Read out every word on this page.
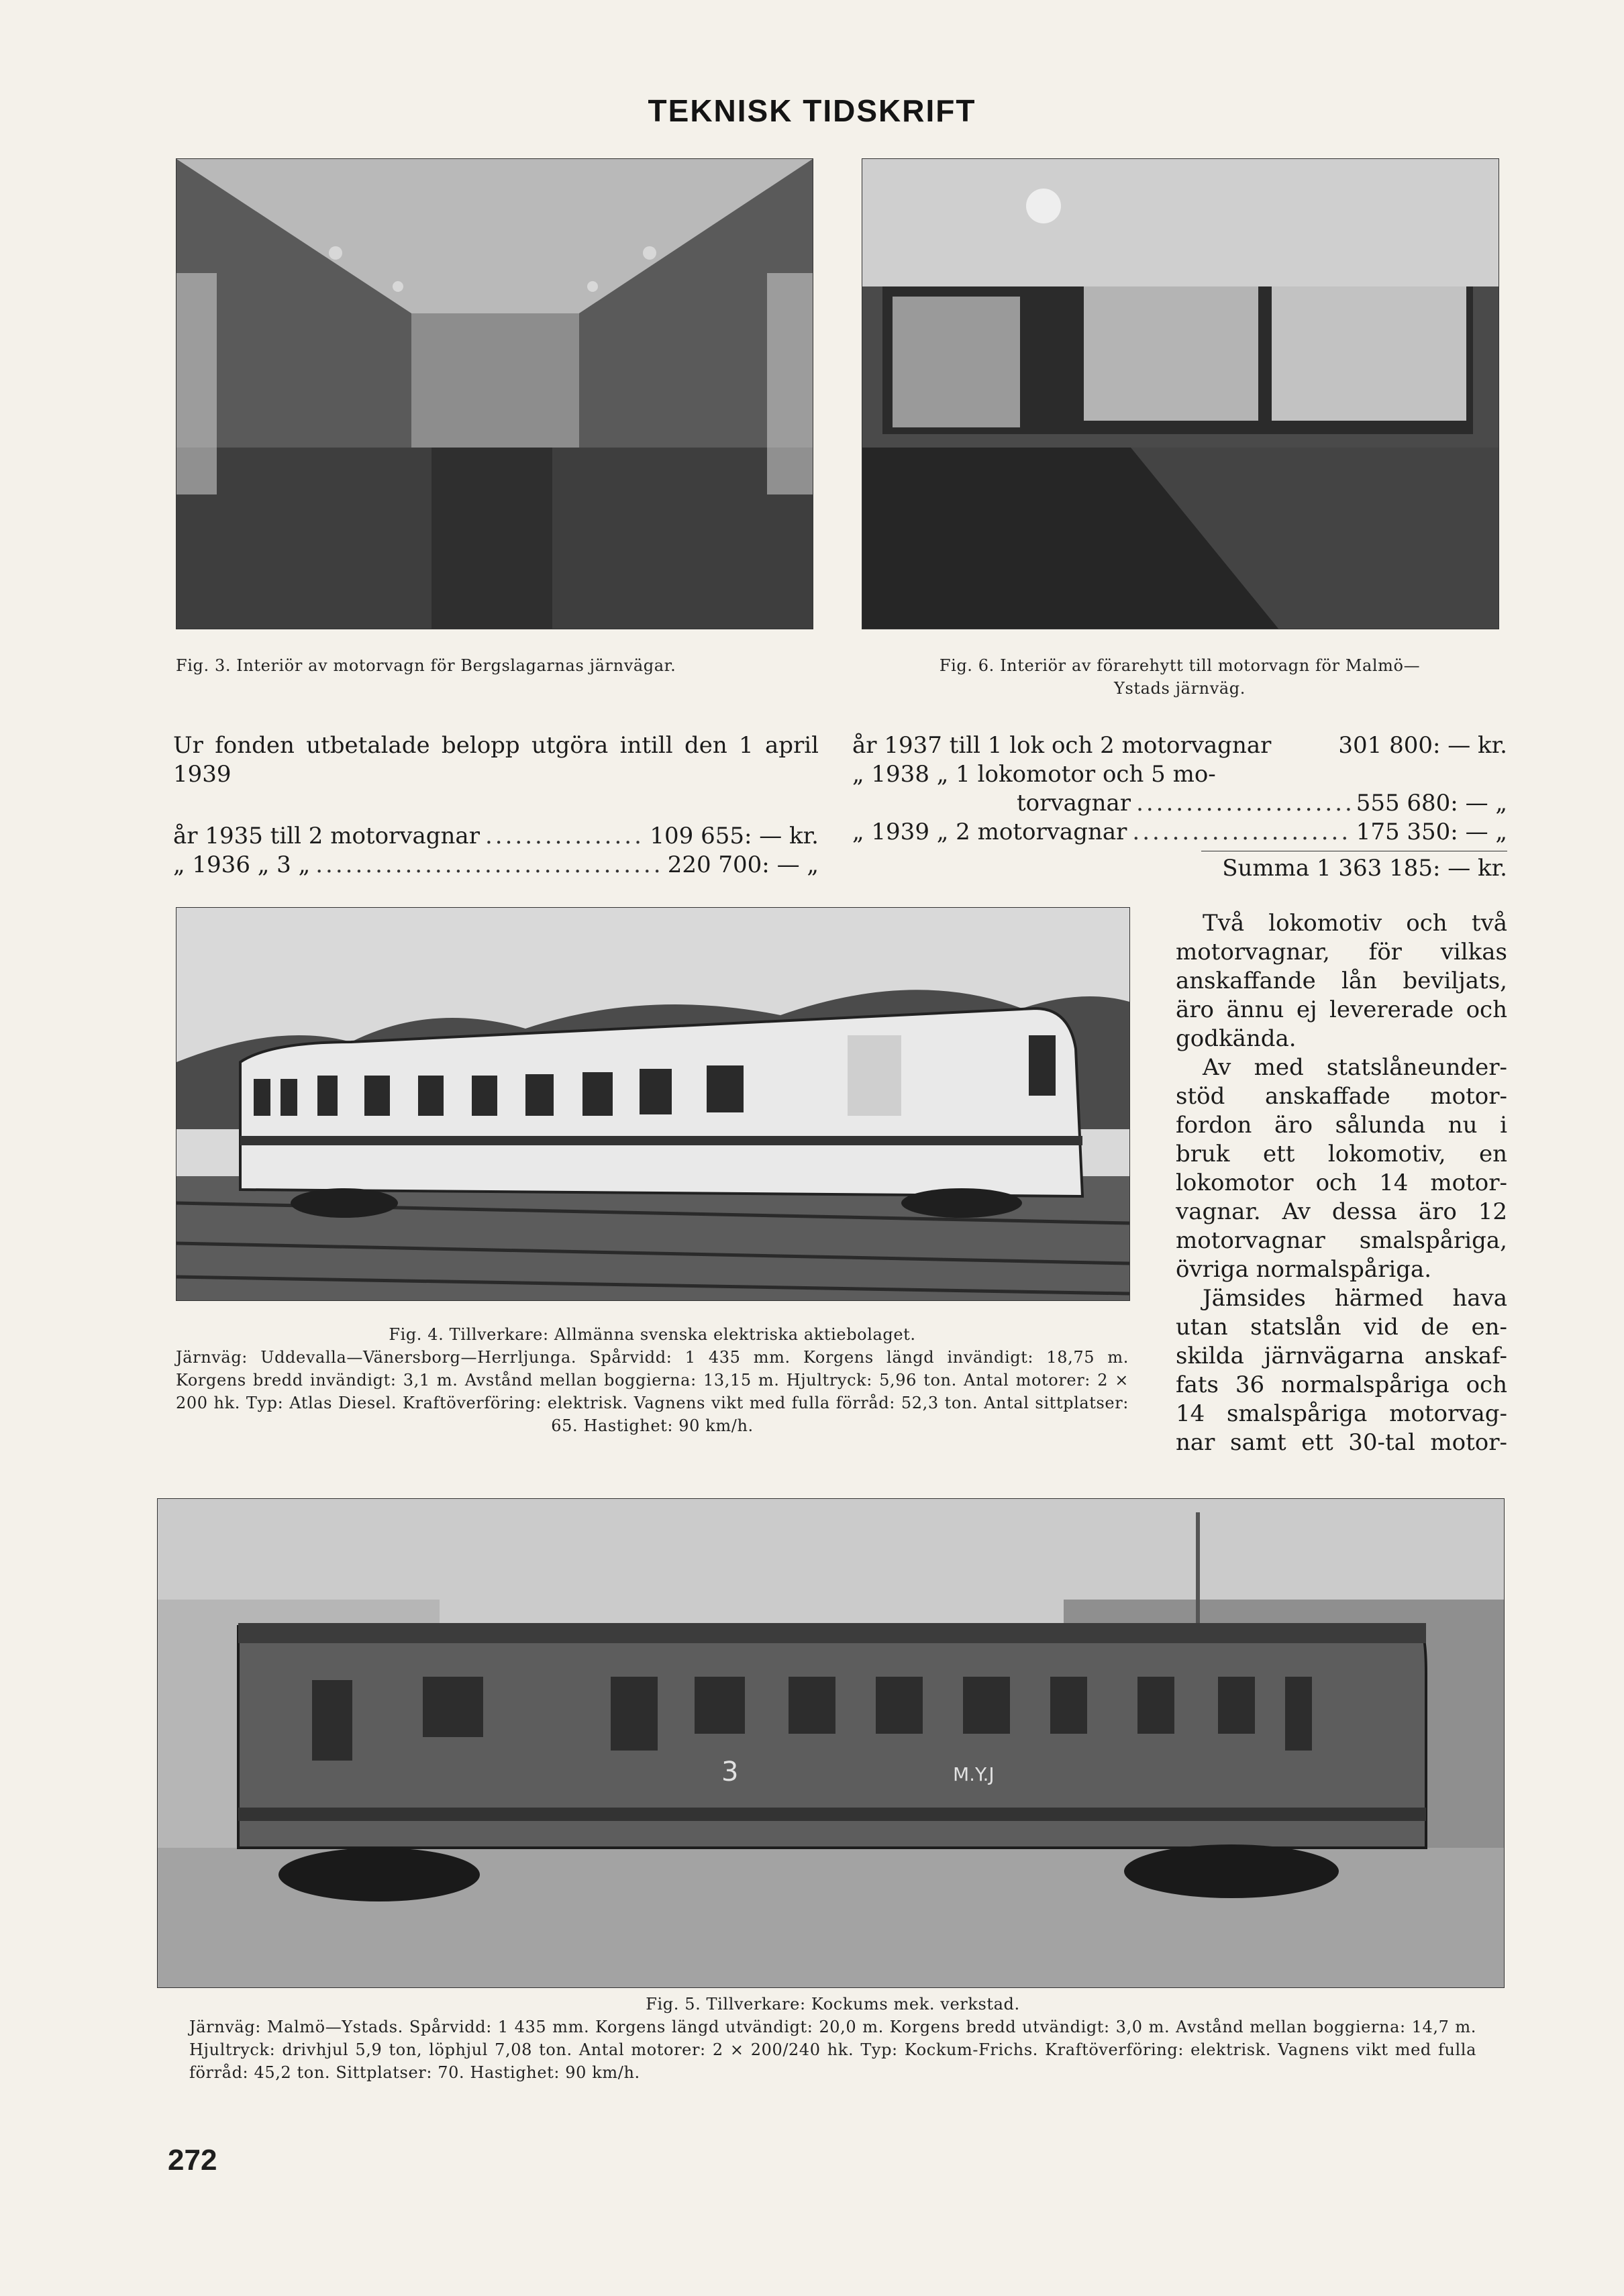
TEKNISK TIDSKRIFT
Fig. 3. Interiör av motorvagn för Bergslagarnas järnvägar.	Fig. 6. Interiör av förarehytt till motorvagn för Malmö—
Ystads järnväg.
Ur fonden utbetalade belopp utgöra intill den 1 april 1939
år 1935 till 2 motorvagnar .....	109 655: — kr.
„ 1936 „ 3 „ .....	220 700: — „
år 1937 till 1 lok och 2 motorvagnar	301 800: — kr.
„ 1938 „ 1 lokomotor och 5 mo-
torvagnar .....	555 680: — „
„ 1939 „ 2 motorvagnar .....	175 350: — „
Summa 1 363 185: — kr.
Fig. 4. Tillverkare: Allmänna svenska elektriska aktiebolaget.
Järnväg: Uddevalla—Vänersborg—Herrljunga. Spårvidd: 1 435 mm. Korgens längd invändigt: 18,75 m. Korgens bredd invändigt: 3,1 m. Avstånd mellan boggierna: 13,15 m. Hjultryck: 5,96 ton. Antal motorer: 2 × 200 hk. Typ: Atlas Diesel. Kraftöverföring: elektrisk. Vagnens vikt med fulla förråd: 52,3 ton. Antal sittplatser: 65. Hastighet: 90 km/h.
Två lokomotiv och två
motorvagnar, för vilkas
anskaffande lån beviljats,
äro ännu ej levererade och
godkända.
Av med statslåneunder-
stöd anskaffade motor-
fordon äro sålunda nu i
bruk ett lokomotiv, en
lokomotor och 14 motor-
vagnar. Av dessa äro 12
motorvagnar smalspåriga,
övriga normalspåriga.
Jämsides härmed hava
utan statslån vid de en-
skilda järnvägarna anskaf-
fats 36 normalspåriga och
14 smalspåriga motorvag-
nar samt ett 30-tal motor-
3	M.Y.J
Fig. 5. Tillverkare: Kockums mek. verkstad.
Järnväg: Malmö—Ystads. Spårvidd: 1 435 mm. Korgens längd utvändigt: 20,0 m. Korgens bredd utvändigt: 3,0 m. Avstånd mellan boggierna: 14,7 m. Hjultryck: drivhjul 5,9 ton, löphjul 7,08 ton. Antal motorer: 2 × 200/240 hk. Typ: Kockum-Frichs. Kraftöverföring: elektrisk. Vagnens vikt med fulla förråd: 45,2 ton. Sittplatser: 70. Hastighet: 90 km/h.
272
